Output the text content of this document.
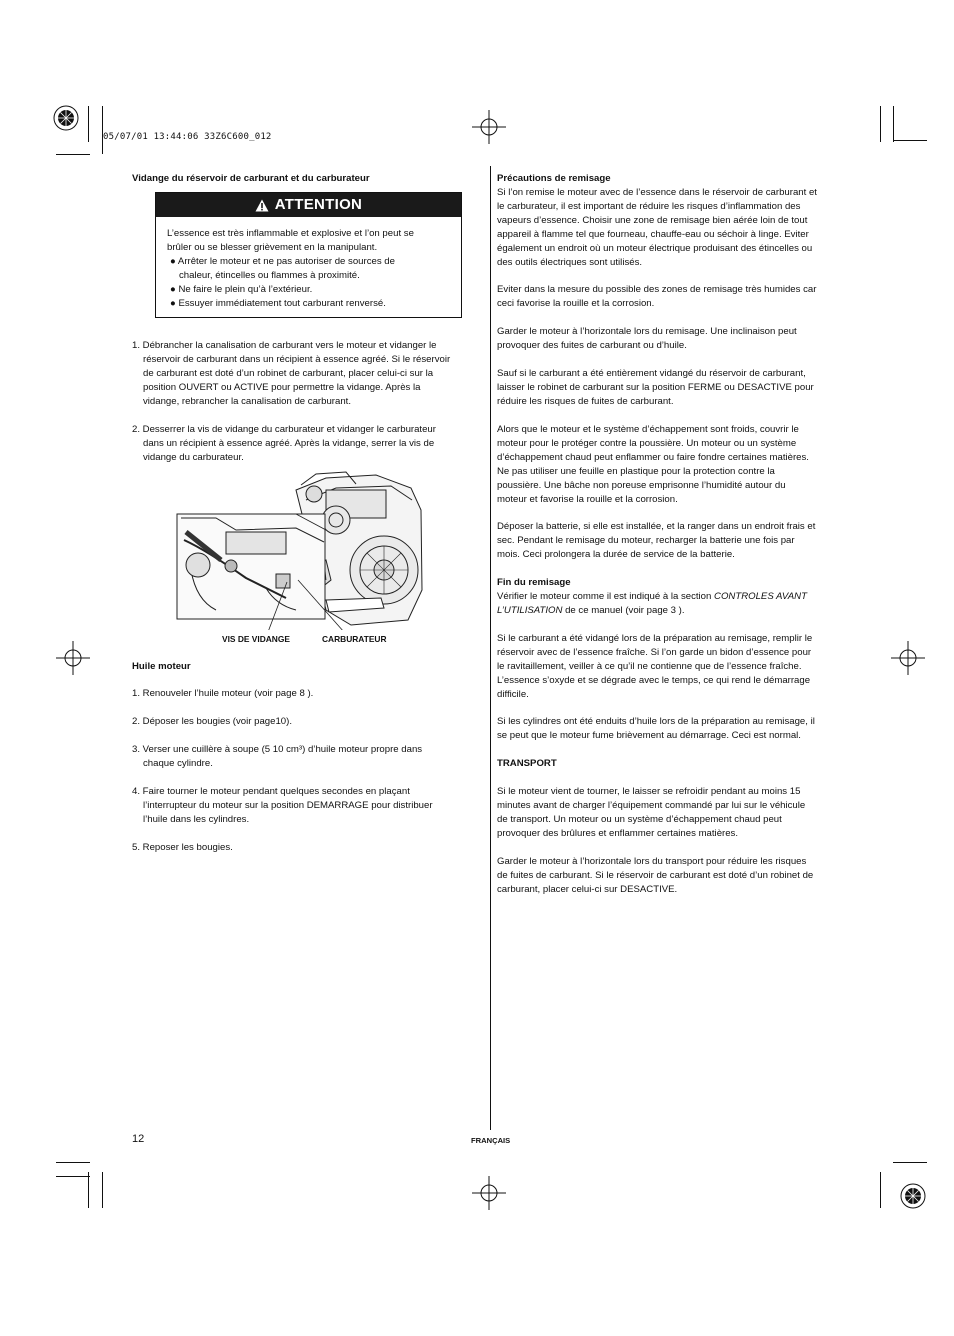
05/07/01 13:44:06 33Z6C600_012
Vidange du réservoir de carburant et du carburateur
ATTENTION
L’essence est très inflammable et explosive et l’on peut se
brûler ou se blesser grièvement en la manipulant.
● Arrêter le moteur et ne pas autoriser de sources de
chaleur, étincelles ou flammes à proximité.
● Ne faire le plein qu’à l’extérieur.
● Essuyer immédiatement tout carburant renversé.
1. Débrancher la canalisation de carburant vers le moteur et vidanger le
réservoir de carburant dans un récipient à essence agréé. Si le réservoir
de carburant est doté d’un robinet de carburant, placer celui-ci sur la
position OUVERT ou ACTIVE pour permettre la vidange. Après la
vidange, rebrancher la canalisation de carburant.
2. Desserrer la vis de vidange du carburateur et vidanger le carburateur
dans un récipient à essence agréé. Après la vidange, serrer la vis de
vidange du carburateur.
VIS DE VIDANGE	CARBURATEUR
Huile moteur
1. Renouveler l’huile moteur (voir page 8 ).
2. Déposer les bougies (voir page10).
3. Verser une cuillère à soupe (5 10 cm³) d’huile moteur propre dans
chaque cylindre.
4. Faire tourner le moteur pendant quelques secondes en plaçant
l’interrupteur du moteur sur la position DEMARRAGE pour distribuer
l’huile dans les cylindres.
5. Reposer les bougies.
Précautions de remisage
Si l’on remise le moteur avec de l’essence dans le réservoir de carburant et
le carburateur, il est important de réduire les risques d’inflammation des
vapeurs d’essence. Choisir une zone de remisage bien aérée loin de tout
appareil à flamme tel que fourneau, chauffe-eau ou séchoir à linge. Eviter
également un endroit où un moteur électrique produisant des étincelles ou
des outils électriques sont utilisés.
Eviter dans la mesure du possible des zones de remisage très humides car
ceci favorise la rouille et la corrosion.
Garder le moteur à l’horizontale lors du remisage. Une inclinaison peut
provoquer des fuites de carburant ou d’huile.
Sauf si le carburant a été entièrement vidangé du réservoir de carburant,
laisser le robinet de carburant sur la position FERME ou DESACTIVE pour
réduire les risques de fuites de carburant.
Alors que le moteur et le système d’échappement sont froids, couvrir le
moteur pour le protéger contre la poussière. Un moteur ou un système
d’échappement chaud peut enflammer ou faire fondre certaines matières.
Ne pas utiliser une feuille en plastique pour la protection contre la
poussière. Une bâche non poreuse emprisonne l’humidité autour du
moteur et favorise la rouille et la corrosion.
Déposer la batterie, si elle est installée, et la ranger dans un endroit frais et
sec. Pendant le remisage du moteur, recharger la batterie une fois par
mois. Ceci prolongera la durée de service de la batterie.
Fin du remisage
Vérifier le moteur comme il est indiqué à la section CONTROLES AVANT
L’UTILISATION de ce manuel (voir page 3 ).
Si le carburant a été vidangé lors de la préparation au remisage, remplir le
réservoir avec de l’essence fraîche. Si l’on garde un bidon d’essence pour
le ravitaillement, veiller à ce qu’il ne contienne que de l’essence fraîche.
L’essence s’oxyde et se dégrade avec le temps, ce qui rend le démarrage
difficile.
Si les cylindres ont été enduits d’huile lors de la préparation au remisage, il
se peut que le moteur fume brièvement au démarrage. Ceci est normal.
TRANSPORT
Si le moteur vient de tourner, le laisser se refroidir pendant au moins 15
minutes avant de charger l’équipement commandé par lui sur le véhicule
de transport. Un moteur ou un système d’échappement chaud peut
provoquer des brûlures et enflammer certaines matières.
Garder le moteur à l’horizontale lors du transport pour réduire les risques
de fuites de carburant. Si le réservoir de carburant est doté d’un robinet de
carburant, placer celui-ci sur DESACTIVE.
12	FRANÇAIS
